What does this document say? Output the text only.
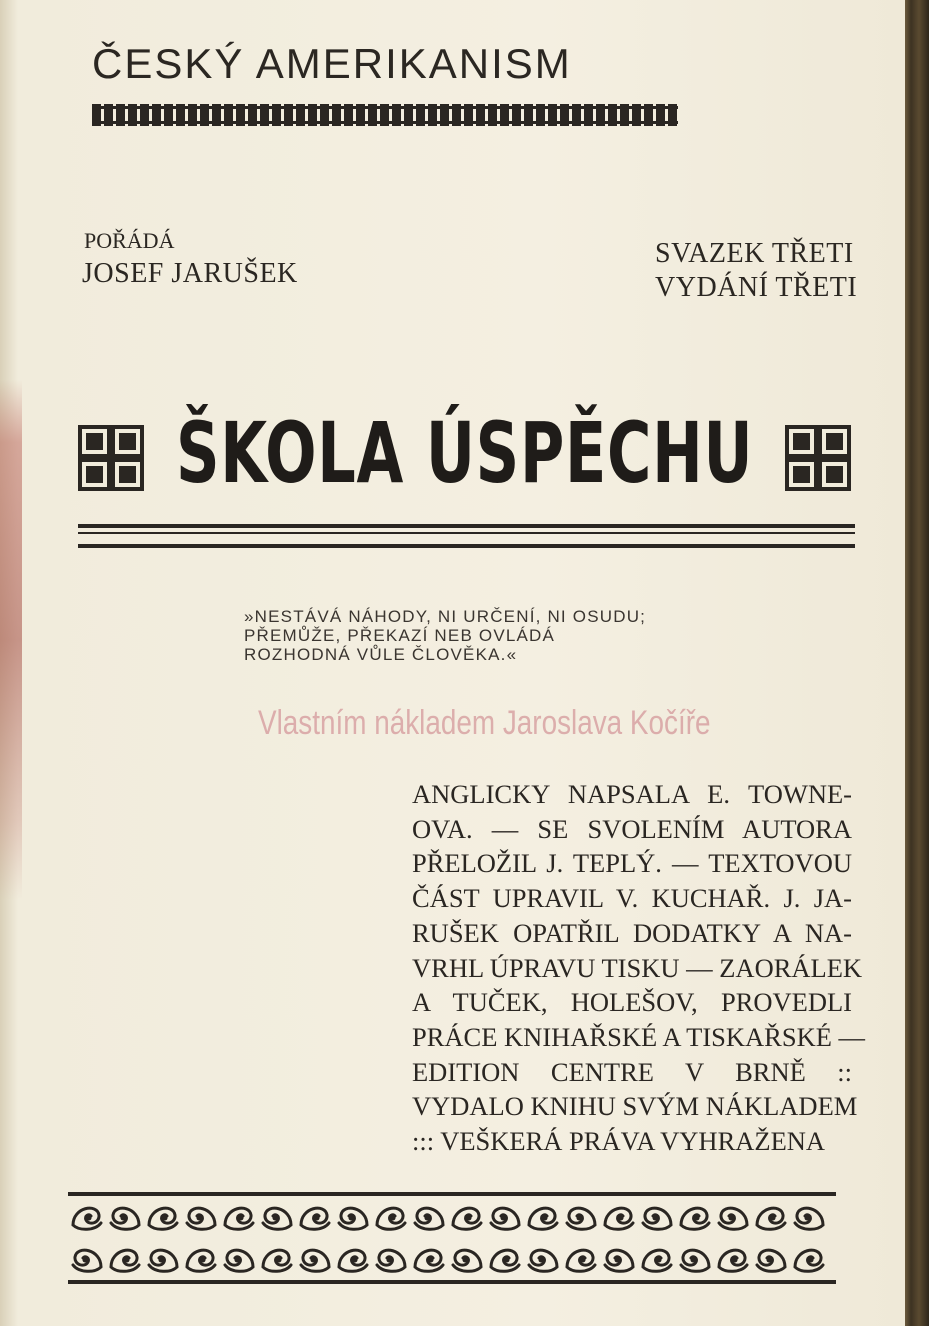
ČESKÝ AMERIKANISM
POŘÁDÁ
JOSEF JARUŠEK
SVAZEK TŘETI
VYDÁNÍ TŘETI
ŠKOLA ÚSPĚCHU
»NESTÁVÁ NÁHODY, NI URČENÍ, NI OSUDU;
PŘEMŮŽE, PŘEKAZÍ NEB OVLÁDÁ
ROZHODNÁ VŮLE ČLOVĚKA.«
Vlastním nákladem Jaroslava Kočíře
ANGLICKY NAPSALA E. TOWNE-
OVA. — SE SVOLENÍM AUTORA
PŘELOŽIL J. TEPLÝ. — TEXTOVOU
ČÁST UPRAVIL V. KUCHAŘ. J. JA-
RUŠEK OPATŘIL DODATKY A NA-
VRHL ÚPRAVU TISKU — ZAORÁLEK
A TUČEK, HOLEŠOV, PROVEDLI
PRÁCE KNIHAŘSKÉ A TISKAŘSKÉ —
EDITION CENTRE V BRNĚ ::
VYDALO KNIHU SVÝM NÁKLADEM
::: VEŠKERÁ PRÁVA VYHRAŽENA
